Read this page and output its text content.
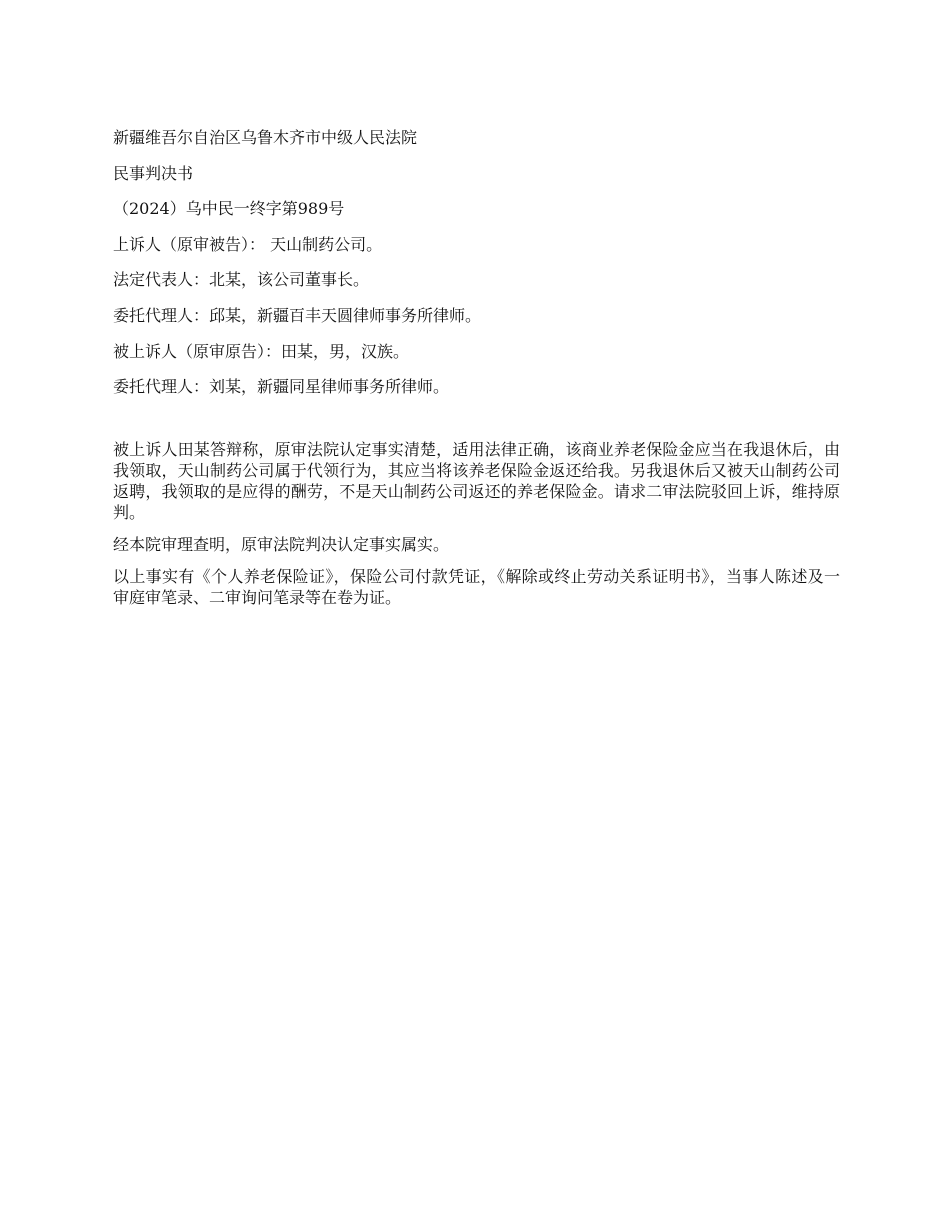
新疆维吾尔自治区乌鲁木齐市中级人民法院
民事判决书
（2024）乌中民一终字第989号
上诉人（原审被告）： 天山制药公司。
法定代表人：北某，该公司董事长。
委托代理人：邱某，新疆百丰天圆律师事务所律师。
被上诉人（原审原告）：田某，男，汉族。
委托代理人：刘某，新疆同星律师事务所律师。

被上诉人田某答辩称，原审法院认定事实清楚，适用法律正确，该商业养老保险金应当在我退休后，由我领取，天山制药公司属于代领行为，其应当将该养老保险金返还给我。另我退休后又被天山制药公司返聘，我领取的是应得的酬劳，不是天山制药公司返还的养老保险金。请求二审法院驳回上诉，维持原判。

经本院审理查明，原审法院判决认定事实属实。

以上事实有《个人养老保险证》，保险公司付款凭证，《解除或终止劳动关系证明书》，当事人陈述及一审庭审笔录、二审询问笔录等在卷为证。
